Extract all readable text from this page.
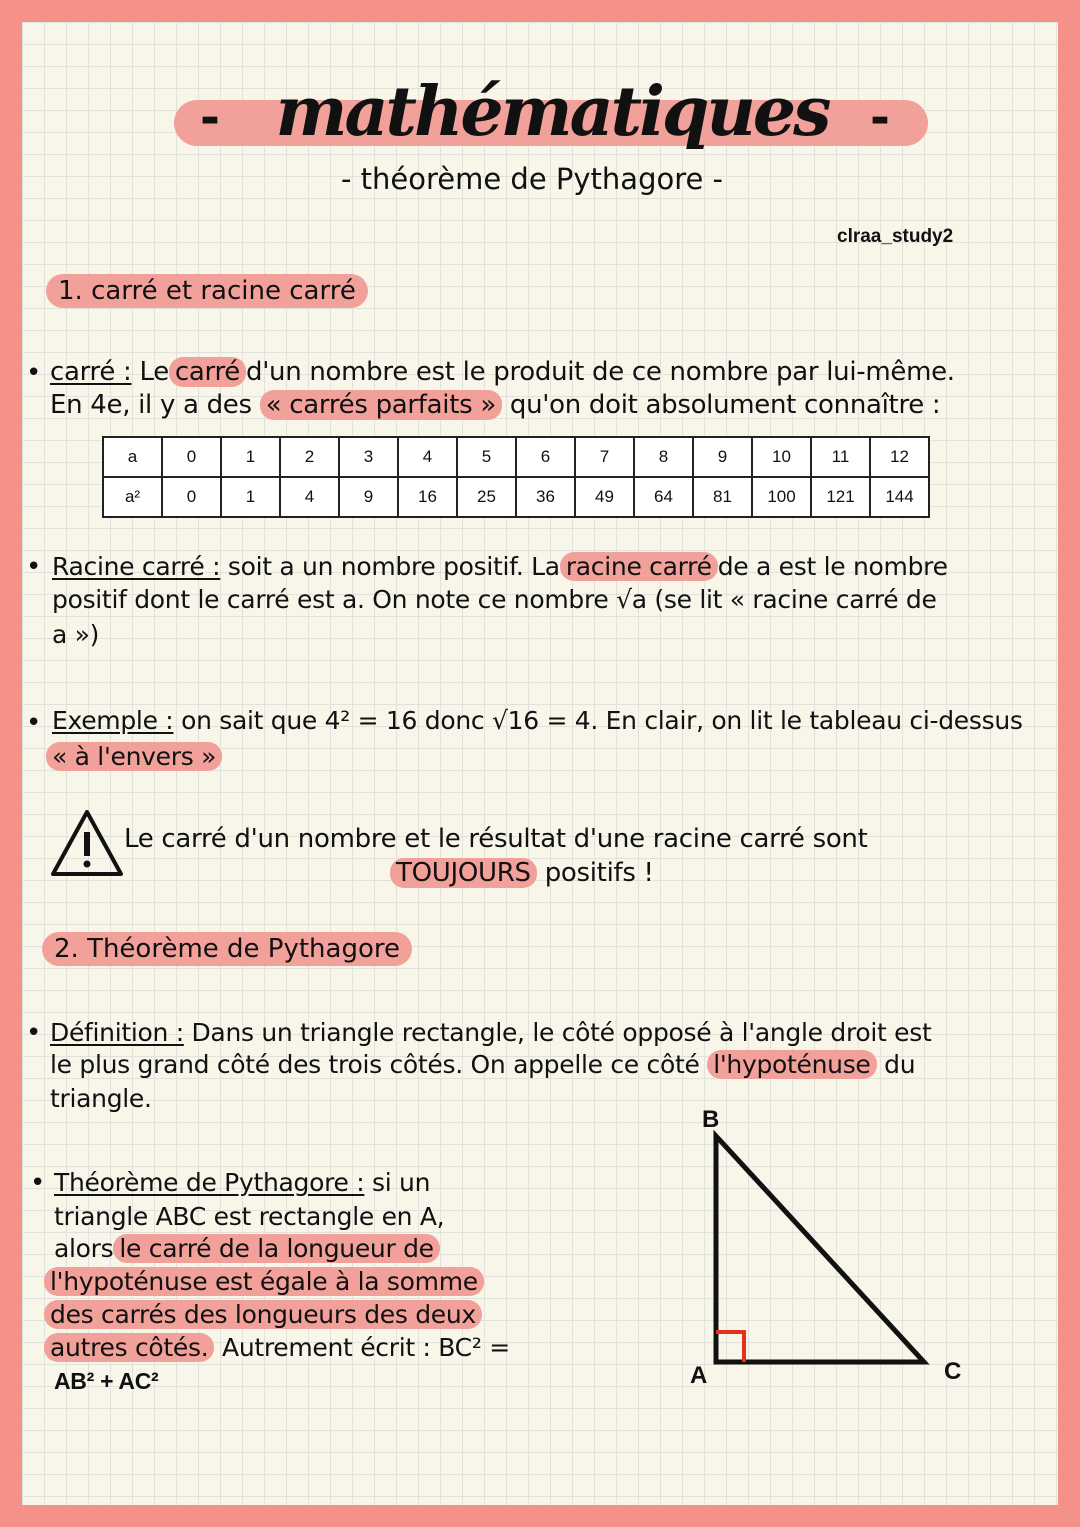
- mathématiques -
- théorème de Pythagore -
clraa_study2
1. carré et racine carré
• carré : Le carré d'un nombre est le produit de ce nombre par lui-même.
En 4e, il y a des « carrés parfaits » qu'on doit absolument connaître :
a	0	1	2	3	4	5	6	7	8	9	10	11	12
a²	0	1	4	9	16	25	36	49	64	81	100	121	144
• Racine carré : soit a un nombre positif. La racine carré de a est le nombre
positif dont le carré est a. On note ce nombre √a (se lit « racine carré de
a »)
• Exemple : on sait que 4² = 16 donc √16 = 4. En clair, on lit le tableau ci-dessus
« à l'envers »
Le carré d'un nombre et le résultat d'une racine carré sont
TOUJOURS positifs !
2. Théorème de Pythagore
• Définition : Dans un triangle rectangle, le côté opposé à l'angle droit est
le plus grand côté des trois côtés. On appelle ce côté l'hypoténuse du
triangle.
• Théorème de Pythagore : si un
triangle ABC est rectangle en A,
alors le carré de la longueur de
l'hypoténuse est égale à la somme
des carrés des longueurs des deux
autres côtés. Autrement écrit : BC² =
AB² + AC²
B
A	C
